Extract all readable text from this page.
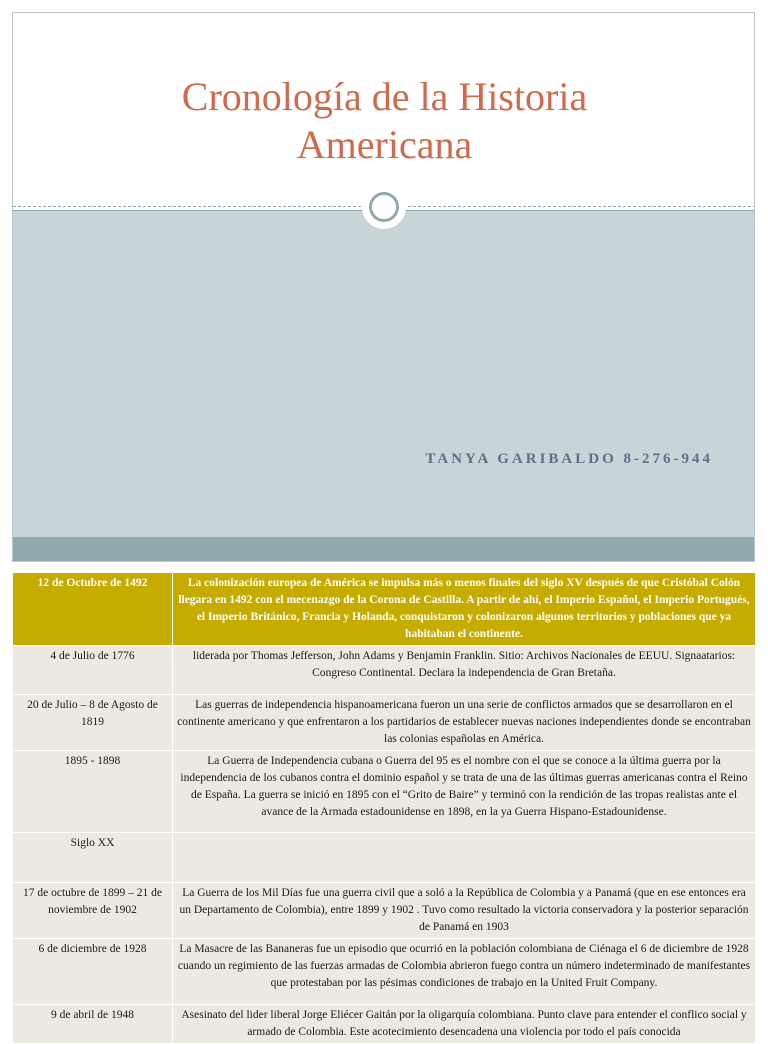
Cronología de la Historia
Americana
TANYA GARIBALDO 8-276-944
12 de Octubre de 1492	La colonización europea de América se impulsa más o menos finales del siglo XV después de que Cristóbal Colón llegara en 1492 con el mecenazgo de la Corona de Castilla. A partir de ahí, el Imperio Español, el Imperio Portugués, el Imperio Británico, Francia y Holanda, conquistaron y colonizaron algunos territorios y poblaciones que ya habitaban el continente.
4 de Julio de 1776	liderada por Thomas Jefferson, John Adams y Benjamin Franklin. Sitio: Archivos Nacionales de EEUU. Signaatarios: Congreso Continental. Declara la independencia de Gran Bretaña.
20 de Julio – 8 de Agosto de 1819	Las guerras de independencia hispanoamericana fueron un una serie de conflictos armados que se desarrollaron en el continente americano y que enfrentaron a los partidarios de establecer nuevas naciones independientes donde se encontraban las colonias españolas en América.
1895 - 1898	La Guerra de Independencia cubana o Guerra del 95 es el nombre con el que se conoce a la última guerra por la independencia de los cubanos contra el dominio español y se trata de una de las últimas guerras americanas contra el Reino de España. La guerra se inició en 1895 con el “Grito de Baire” y terminó con la rendición de las tropas realistas ante el avance de la Armada estadounidense en 1898, en la ya Guerra Hispano-Estadounidense.
Siglo XX	
17 de octubre de 1899 – 21 de noviembre de 1902	La Guerra de los Mil Días fue una guerra civil que a soló a la República de Colombia y a Panamá (que en ese entonces era un Departamento de Colombia), entre 1899 y 1902 . Tuvo como resultado la victoria conservadora y la posterior separación de Panamá en 1903
6 de diciembre de 1928	La Masacre de las Bananeras fue un episodio que ocurrió en la población colombiana de Ciénaga el 6 de diciembre de 1928 cuando un regimiento de las fuerzas armadas de Colombia abrieron fuego contra un número indeterminado de manifestantes que protestaban por las pésimas condiciones de trabajo en la United Fruit Company.
9 de abril de 1948	Asesinato del lider liberal Jorge Eliécer Gaitán por la oligarquía colombiana. Punto clave para entender el conflico social y armado de Colombia. Este acotecimiento desencadena una violencia por todo el país conocida
